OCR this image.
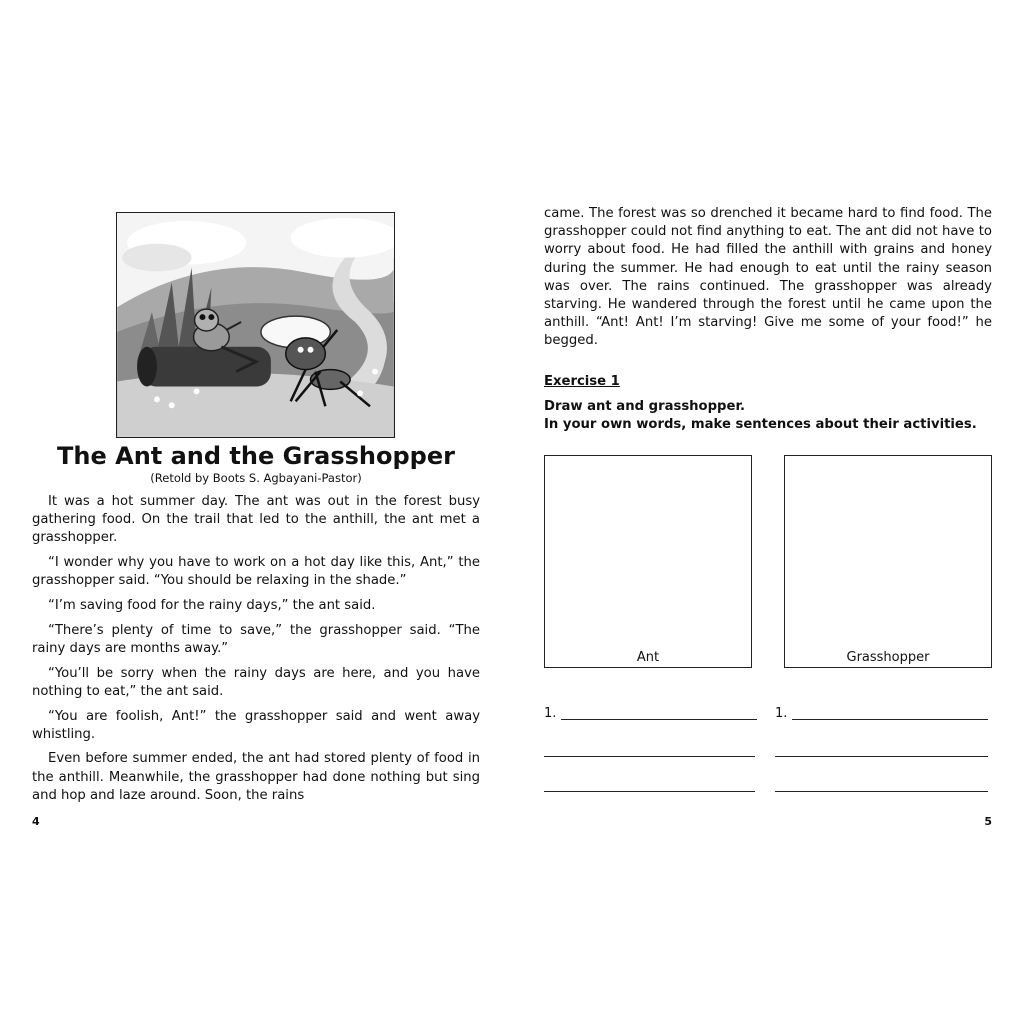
The Ant and the Grasshopper
(Retold by Boots S. Agbayani-Pastor)

It was a hot summer day. The ant was out in the forest busy gathering food. On the trail that led to the anthill, the ant met a grasshopper.

“I wonder why you have to work on a hot day like this, Ant,” the grasshopper said. “You should be relaxing in the shade.”

“I’m saving food for the rainy days,” the ant said.

“There’s plenty of time to save,” the grasshopper said. “The rainy days are months away.”

“You’ll be sorry when the rainy days are here, and you have nothing to eat,” the ant said.

“You are foolish, Ant!” the grasshopper said and went away whistling.

Even before summer ended, the ant had stored plenty of food in the anthill. Meanwhile, the grasshopper had done nothing but sing and hop and laze around. Soon, the rains

4

came. The forest was so drenched it became hard to find food. The grasshopper could not find anything to eat. The ant did not have to worry about food. He had filled the anthill with grains and honey during the summer. He had enough to eat until the rainy season was over. The rains continued. The grasshopper was already starving. He wandered through the forest until he came upon the anthill. “Ant! Ant! I’m starving! Give me some of your food!” he begged.

Exercise 1
Draw ant and grasshopper.
In your own words, make sentences about their activities.
Ant	Grasshopper
1.	1.
5
